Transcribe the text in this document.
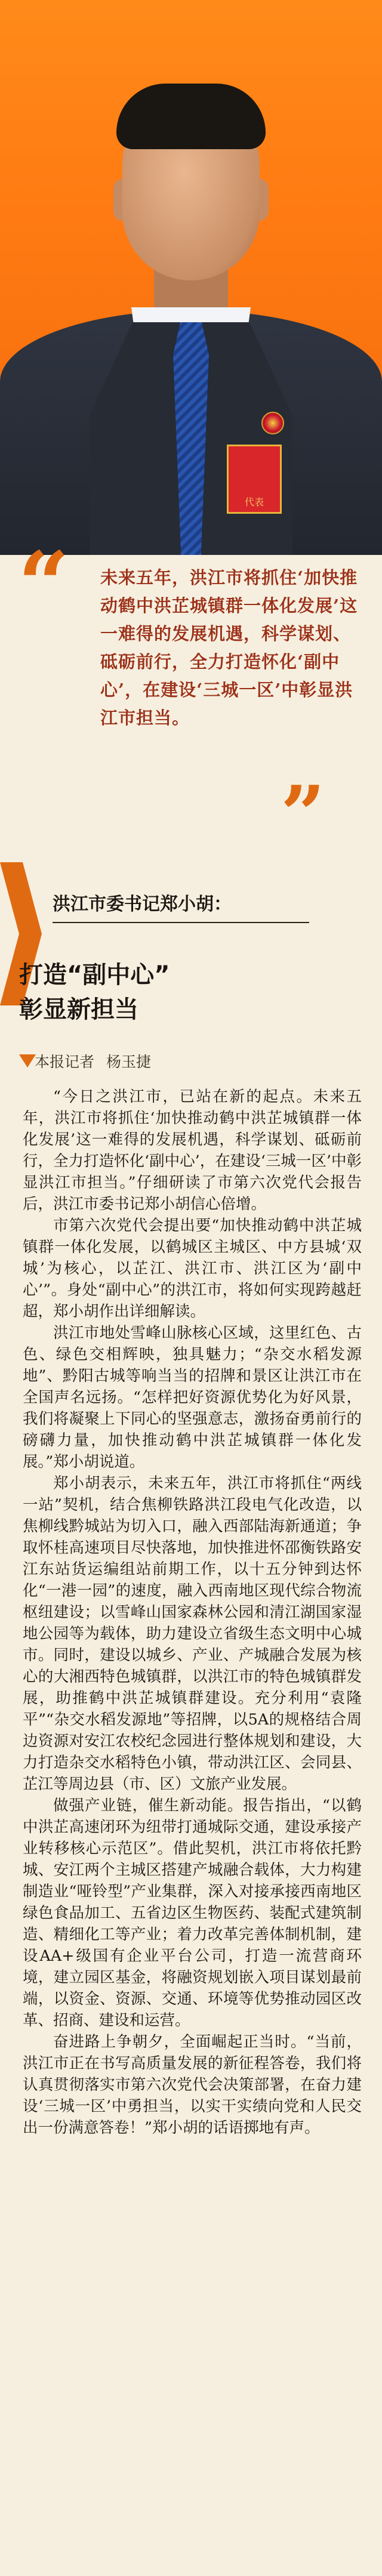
代表
“ 未来五年，洪江市将抓住‘加快推动鹤中洪芷城镇群一体化发展’这一难得的发展机遇，科学谋划、砥砺前行，全力打造怀化‘副中心’，在建设‘三城一区’中彰显洪江市担当。
”
洪江市委书记郑小胡：
打造“副中心”
彰显新担当
本报记者 杨玉捷

“今日之洪江市，已站在新的起点。未来五年，洪江市将抓住‘加快推动鹤中洪芷城镇群一体化发展’这一难得的发展机遇，科学谋划、砥砺前行，全力打造怀化‘副中心’，在建设‘三城一区’中彰显洪江市担当。”仔细研读了市第六次党代会报告后，洪江市委书记郑小胡信心倍增。

市第六次党代会提出要“加快推动鹤中洪芷城镇群一体化发展，以鹤城区主城区、中方县城‘双城’为核心，以芷江、洪江市、洪江区为‘副中心’”。身处“副中心”的洪江市，将如何实现跨越赶超，郑小胡作出详细解读。

洪江市地处雪峰山脉核心区域，这里红色、古色、绿色交相辉映，独具魅力；“杂交水稻发源地”、黔阳古城等响当当的招牌和景区让洪江市在全国声名远扬。“怎样把好资源优势化为好风景，我们将凝聚上下同心的坚强意志，激扬奋勇前行的磅礴力量，加快推动鹤中洪芷城镇群一体化发展。”郑小胡说道。

郑小胡表示，未来五年，洪江市将抓住“两线一站”契机，结合焦柳铁路洪江段电气化改造，以焦柳线黔城站为切入口，融入西部陆海新通道；争取怀桂高速项目尽快落地，加快推进怀邵衡铁路安江东站货运编组站前期工作，以十五分钟到达怀化“一港一园”的速度，融入西南地区现代综合物流枢纽建设；以雪峰山国家森林公园和清江湖国家湿地公园等为载体，助力建设立省级生态文明中心城市。同时，建设以城乡、产业、产城融合发展为核心的大湘西特色城镇群，以洪江市的特色城镇群发展，助推鹤中洪芷城镇群建设。充分利用“袁隆平”“杂交水稻发源地”等招牌，以5A的规格结合周边资源对安江农校纪念园进行整体规划和建设，大力打造杂交水稻特色小镇，带动洪江区、会同县、芷江等周边县（市、区）文旅产业发展。

做强产业链，催生新动能。报告指出，“以鹤中洪芷高速闭环为纽带打通城际交通，建设承接产业转移核心示范区”。借此契机，洪江市将依托黔城、安江两个主城区搭建产城融合载体，大力构建制造业“哑铃型”产业集群，深入对接承接西南地区绿色食品加工、五省边区生物医药、装配式建筑制造、精细化工等产业；着力改革完善体制机制，建设AA+级国有企业平台公司，打造一流营商环境，建立园区基金，将融资规划嵌入项目谋划最前端，以资金、资源、交通、环境等优势推动园区改革、招商、建设和运营。

奋进路上争朝夕，全面崛起正当时。“当前，洪江市正在书写高质量发展的新征程答卷，我们将认真贯彻落实市第六次党代会决策部署，在奋力建设‘三城一区’中勇担当，以实干实绩向党和人民交出一份满意答卷！”郑小胡的话语掷地有声。
